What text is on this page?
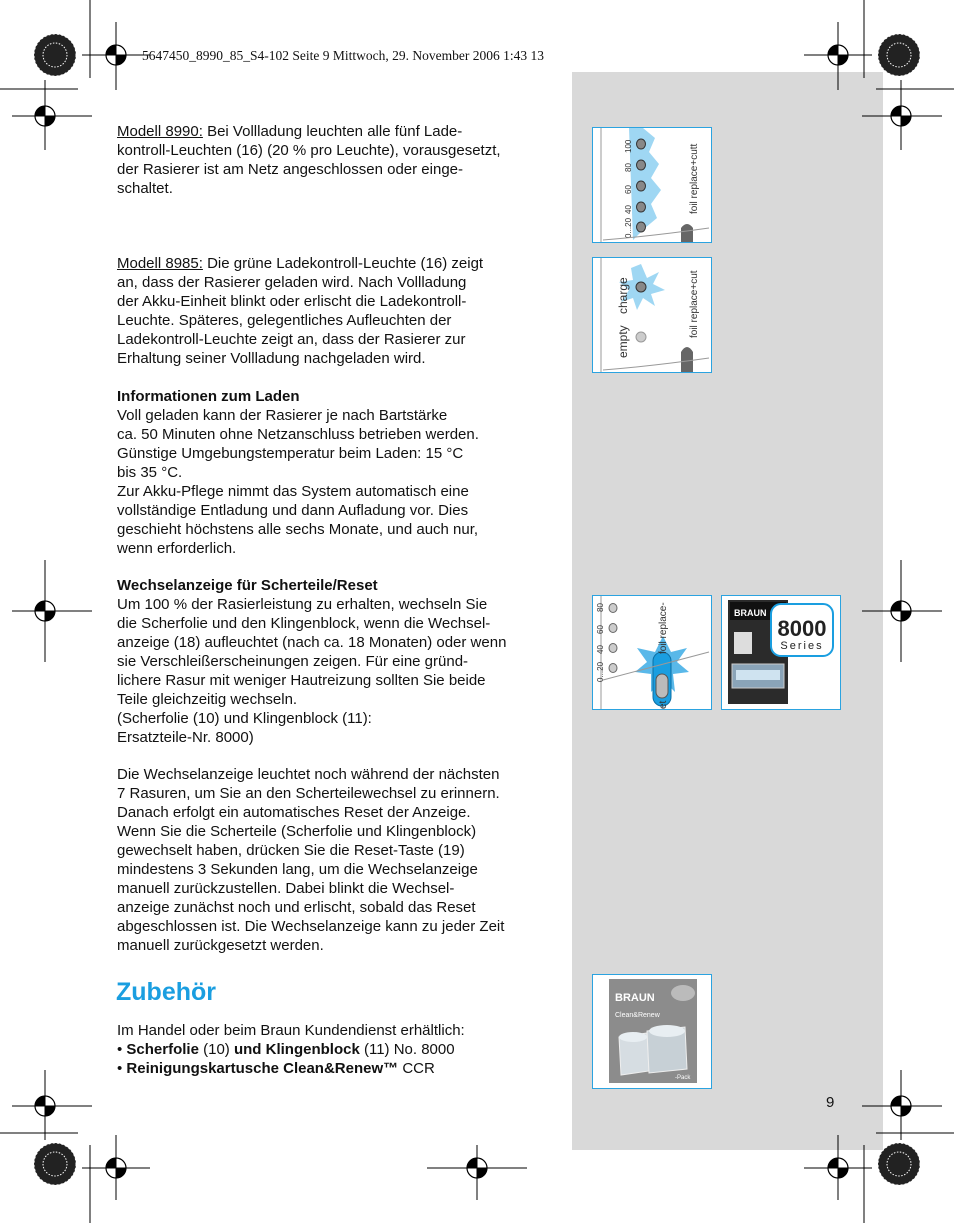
5647450_8990_85_S4-102 Seite 9 Mittwoch, 29. November 2006 1:43 13

Modell 8990: Bei Vollladung leuchten alle fünf Lade-
kontroll-Leuchten (16) (20 % pro Leuchte), vorausgesetzt,
der Rasierer ist am Netz angeschlossen oder einge-
schaltet.

Modell 8985: Die grüne Ladekontroll-Leuchte (16) zeigt
an, dass der Rasierer geladen wird. Nach Vollladung
der Akku-Einheit blinkt oder erlischt die Ladekontroll-
Leuchte. Späteres, gelegentliches Aufleuchten der
Ladekontroll-Leuchte zeigt an, dass der Rasierer zur
Erhaltung seiner Vollladung nachgeladen wird.

Informationen zum Laden

Voll geladen kann der Rasierer je nach Bartstärke
ca. 50 Minuten ohne Netzanschluss betrieben werden.
Günstige Umgebungstemperatur beim Laden: 15 °C
bis 35 °C.
Zur Akku-Pflege nimmt das System automatisch eine
vollständige Entladung und dann Aufladung vor. Dies
geschieht höchstens alle sechs Monate, und auch nur,
wenn erforderlich.

Wechselanzeige für Scherteile/Reset

Um 100 % der Rasierleistung zu erhalten, wechseln Sie
die Scherfolie und den Klingenblock, wenn die Wechsel-
anzeige (18) aufleuchtet (nach ca. 18 Monaten) oder wenn
sie Verschleißerscheinungen zeigen. Für eine gründ-
lichere Rasur mit weniger Hautreizung sollten Sie beide
Teile gleichzeitig wechseln.
(Scherfolie (10) und Klingenblock (11):
Ersatzteile-Nr. 8000)

Die Wechselanzeige leuchtet noch während der nächsten
7 Rasuren, um Sie an den Scherteilewechsel zu erinnern.
Danach erfolgt ein automatisches Reset der Anzeige.
Wenn Sie die Scherteile (Scherfolie und Klingenblock)
gewechselt haben, drücken Sie die Reset-Taste (19)
mindestens 3 Sekunden lang, um die Wechselanzeige
manuell zurückzustellen. Dabei blinkt die Wechsel-
anzeige zunächst noch und erlischt, sobald das Reset
abgeschlossen ist. Die Wechselanzeige kann zu jeder Zeit
manuell zurückgesetzt werden.

Zubehör

Im Handel oder beim Braun Kundendienst erhältlich:

• Scherfolie (10) und Klingenblock (11) No. 8000

• Reinigungskartusche Clean&Renew™ CCR

0...20
40
60
80
100	foil replace+cutt
empty
charge	foil replace+cut
0...20
40
60
80	foil replace-
et
BRAUN
8000
Series
BRAUN
Clean&Renew
-Pack
9
